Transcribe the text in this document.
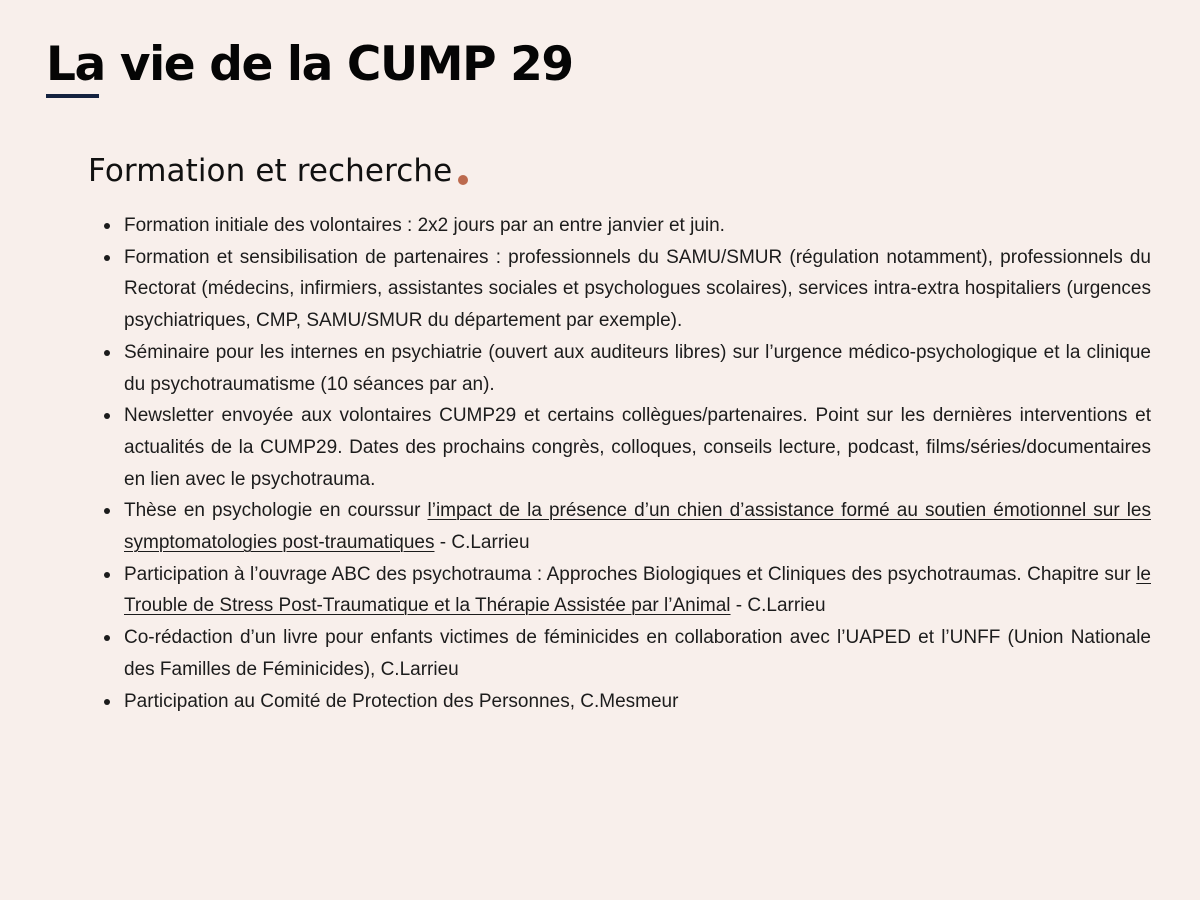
La vie de la CUMP 29
Formation et recherche
Formation initiale des volontaires : 2x2 jours par an entre janvier et juin.
Formation et sensibilisation de partenaires : professionnels du SAMU/SMUR (régulation notamment), professionnels du Rectorat (médecins, infirmiers, assistantes sociales et psychologues scolaires), services intra-extra hospitaliers (urgences psychiatriques, CMP, SAMU/SMUR du département par exemple).
Séminaire pour les internes en psychiatrie (ouvert aux auditeurs libres) sur l’urgence médico-psychologique et la clinique du psychotraumatisme (10 séances par an).
Newsletter envoyée aux volontaires CUMP29 et certains collègues/partenaires. Point sur les dernières interventions et actualités de la CUMP29. Dates des prochains congrès, colloques, conseils lecture, podcast, films/séries/documentaires en lien avec le psychotrauma.
Thèse en psychologie en courssur l’impact de la présence d’un chien d’assistance formé au soutien émotionnel sur les symptomatologies post-traumatiques - C.Larrieu
Participation à l’ouvrage ABC des psychotrauma : Approches Biologiques et Cliniques des psychotraumas. Chapitre sur le Trouble de Stress Post-Traumatique et la Thérapie Assistée par l’Animal - C.Larrieu
Co-rédaction d’un livre pour enfants victimes de féminicides en collaboration avec l’UAPED et l’UNFF (Union Nationale des Familles de Féminicides), C.Larrieu
Participation au Comité de Protection des Personnes, C.Mesmeur
